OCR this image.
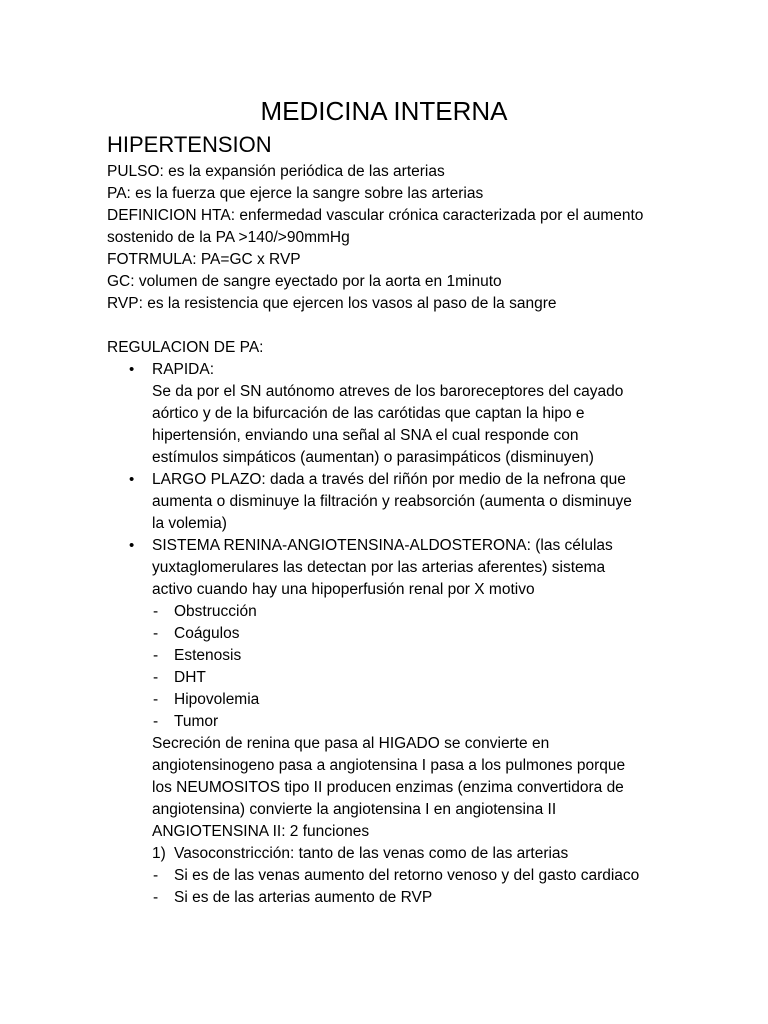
MEDICINA INTERNA
HIPERTENSION
PULSO: es la expansión periódica de las arterias
PA: es la fuerza que ejerce la sangre sobre las arterias
DEFINICION HTA: enfermedad vascular crónica caracterizada por el aumento
sostenido de la PA >140/>90mmHg
FOTRMULA: PA=GC x RVP
GC: volumen de sangre eyectado por la aorta en 1minuto
RVP: es la resistencia que ejercen los vasos al paso de la sangre
REGULACION DE PA:
• RAPIDA:
Se da por el SN autónomo atreves de los baroreceptores del cayado
aórtico y de la bifurcación de las carótidas que captan la hipo e
hipertensión, enviando una señal al SNA el cual responde con
estímulos simpáticos (aumentan) o parasimpáticos (disminuyen)
• LARGO PLAZO: dada a través del riñón por medio de la nefrona que
aumenta o disminuye la filtración y reabsorción (aumenta o disminuye
la volemia)
• SISTEMA RENINA-ANGIOTENSINA-ALDOSTERONA: (las células
yuxtaglomerulares las detectan por las arterias aferentes) sistema
activo cuando hay una hipoperfusión renal por X motivo
- Obstrucción
- Coágulos
- Estenosis
- DHT
- Hipovolemia
- Tumor
Secreción de renina que pasa al HIGADO se convierte en
angiotensinogeno pasa a angiotensina I pasa a los pulmones porque
los NEUMOSITOS tipo II producen enzimas (enzima convertidora de
angiotensina) convierte la angiotensina I en angiotensina II
ANGIOTENSINA II: 2 funciones
1) Vasoconstricción: tanto de las venas como de las arterias
- Si es de las venas aumento del retorno venoso y del gasto cardiaco
- Si es de las arterias aumento de RVP
